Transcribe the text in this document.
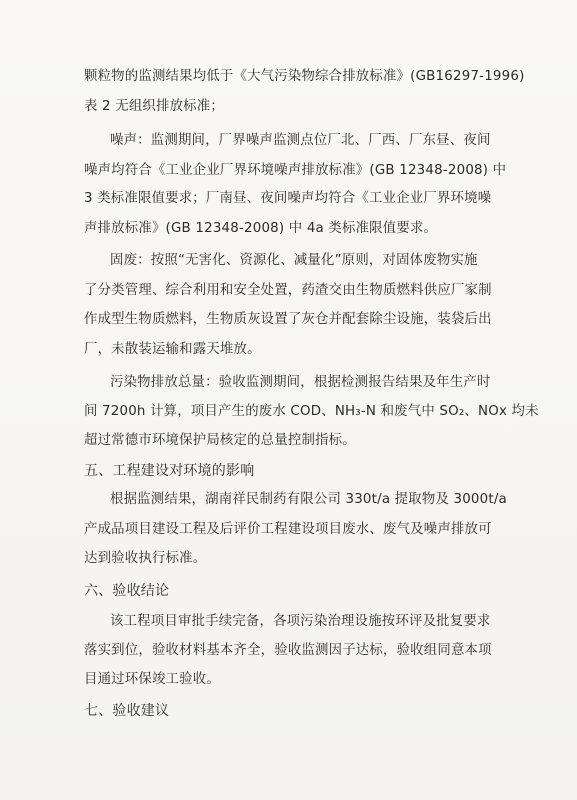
颗粒物的监测结果均低于《大气污染物综合排放标准》(GB16297-1996)
表 2 无组织排放标准；
噪声：监测期间，厂界噪声监测点位厂北、厂西、厂东昼、夜间
噪声均符合《工业企业厂界环境噪声排放标准》(GB 12348-2008) 中
3 类标准限值要求；厂南昼、夜间噪声均符合《工业企业厂界环境噪
声排放标准》(GB 12348-2008) 中 4a 类标准限值要求。
固废：按照“无害化、资源化、减量化”原则，对固体废物实施
了分类管理、综合利用和安全处置，药渣交由生物质燃料供应厂家制
作成型生物质燃料，生物质灰设置了灰仓并配套除尘设施，装袋后出
厂，未散装运输和露天堆放。
污染物排放总量：验收监测期间，根据检测报告结果及年生产时
间 7200h 计算，项目产生的废水 COD、NH₃-N 和废气中 SO₂、NOx 均未
超过常德市环境保护局核定的总量控制指标。
五、工程建设对环境的影响
根据监测结果，湖南祥民制药有限公司 330t/a 提取物及 3000t/a
产成品项目建设工程及后评价工程建设项目废水、废气及噪声排放可
达到验收执行标准。
六、验收结论
该工程项目审批手续完备，各项污染治理设施按环评及批复要求
落实到位，验收材料基本齐全，验收监测因子达标，验收组同意本项
目通过环保竣工验收。
七、验收建议
